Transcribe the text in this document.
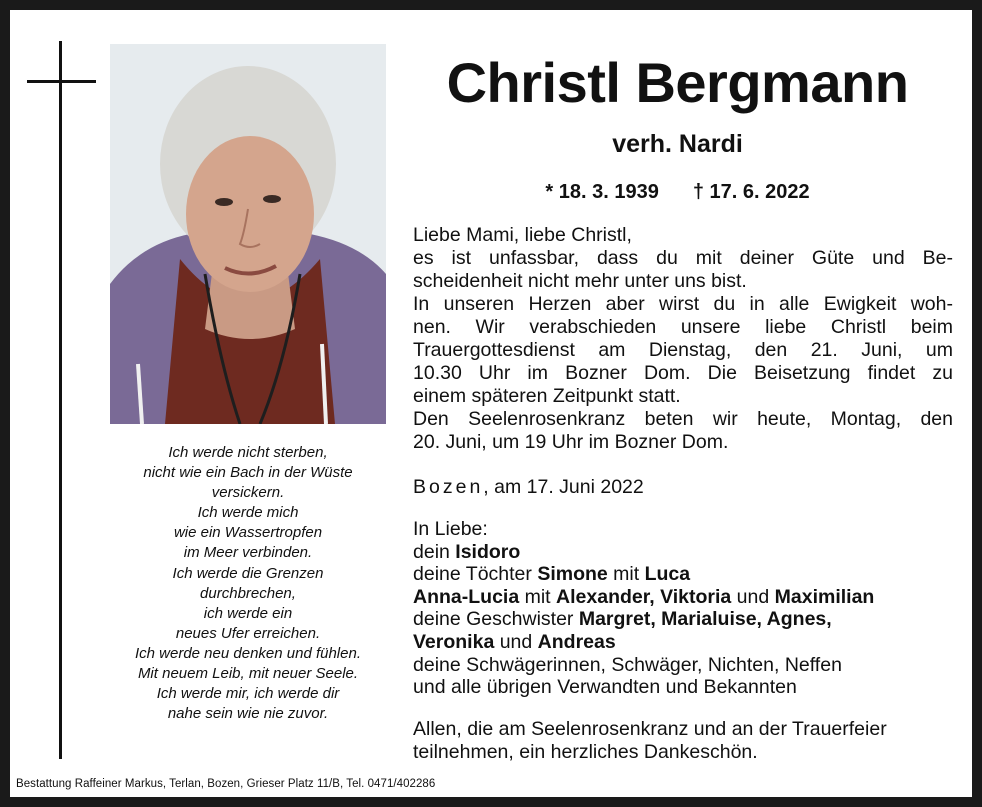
Ich werde nicht sterben,
nicht wie ein Bach in der Wüste
versickern.
Ich werde mich
wie ein Wassertropfen
im Meer verbinden.
Ich werde die Grenzen
durchbrechen,
ich werde ein
neues Ufer erreichen.
Ich werde neu denken und fühlen.
Mit neuem Leib, mit neuer Seele.
Ich werde mir, ich werde dir
nahe sein wie nie zuvor.
Christl Bergmann
verh. Nardi
* 18. 3. 1939 † 17. 6. 2022
Liebe Mami, liebe Christl,
es ist unfassbar, dass du mit deiner Güte und Be-
scheidenheit nicht mehr unter uns bist.
In unseren Herzen aber wirst du in alle Ewigkeit woh-
nen. Wir verabschieden unsere liebe Christl beim
Trauergottesdienst am Dienstag, den 21. Juni, um
10.30 Uhr im Bozner Dom. Die Beisetzung findet zu
einem späteren Zeitpunkt statt.
Den Seelenrosenkranz beten wir heute, Montag, den
20. Juni, um 19 Uhr im Bozner Dom.
Bozen, am 17. Juni 2022
In Liebe:
dein Isidoro
deine Töchter Simone mit Luca
Anna-Lucia mit Alexander, Viktoria und Maximilian
deine Geschwister Margret, Marialuise, Agnes,
Veronika und Andreas
deine Schwägerinnen, Schwäger, Nichten, Neffen
und alle übrigen Verwandten und Bekannten
Allen, die am Seelenrosenkranz und an der Trauerfeier
teilnehmen, ein herzliches Dankeschön.
Bestattung Raffeiner Markus, Terlan, Bozen, Grieser Platz 11/B, Tel. 0471/402286
